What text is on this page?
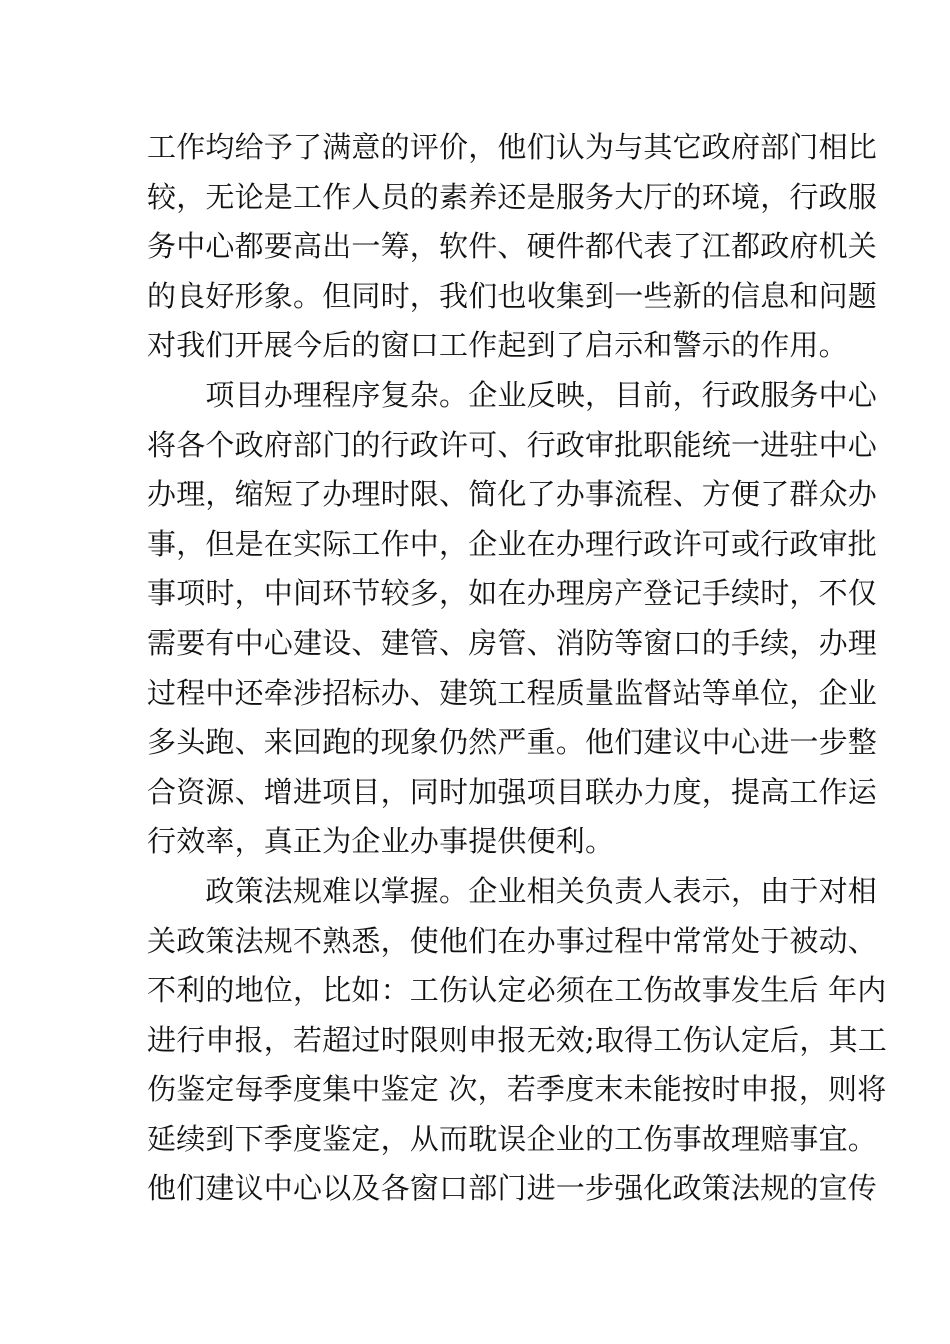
工作均给予了满意的评价，他们认为与其它政府部门相比
较，无论是工作人员的素养还是服务大厅的环境，行政服
务中心都要高出一筹，软件、硬件都代表了江都政府机关
的良好形象。但同时，我们也收集到一些新的信息和问题
对我们开展今后的窗口工作起到了启示和警示的作用。
　　项目办理程序复杂。企业反映，目前，行政服务中心
将各个政府部门的行政许可、行政审批职能统一进驻中心
办理，缩短了办理时限、简化了办事流程、方便了群众办
事，但是在实际工作中，企业在办理行政许可或行政审批
事项时，中间环节较多，如在办理房产登记手续时，不仅
需要有中心建设、建管、房管、消防等窗口的手续，办理
过程中还牵涉招标办、建筑工程质量监督站等单位，企业
多头跑、来回跑的现象仍然严重。他们建议中心进一步整
合资源、增进项目，同时加强项目联办力度，提高工作运
行效率，真正为企业办事提供便利。
　　政策法规难以掌握。企业相关负责人表示，由于对相
关政策法规不熟悉，使他们在办事过程中常常处于被动、
不利的地位，比如：工伤认定必须在工伤故事发生后 年内
进行申报，若超过时限则申报无效;取得工伤认定后，其工
伤鉴定每季度集中鉴定 次，若季度末未能按时申报，则将
延续到下季度鉴定，从而耽误企业的工伤事故理赔事宜。
他们建议中心以及各窗口部门进一步强化政策法规的宣传
